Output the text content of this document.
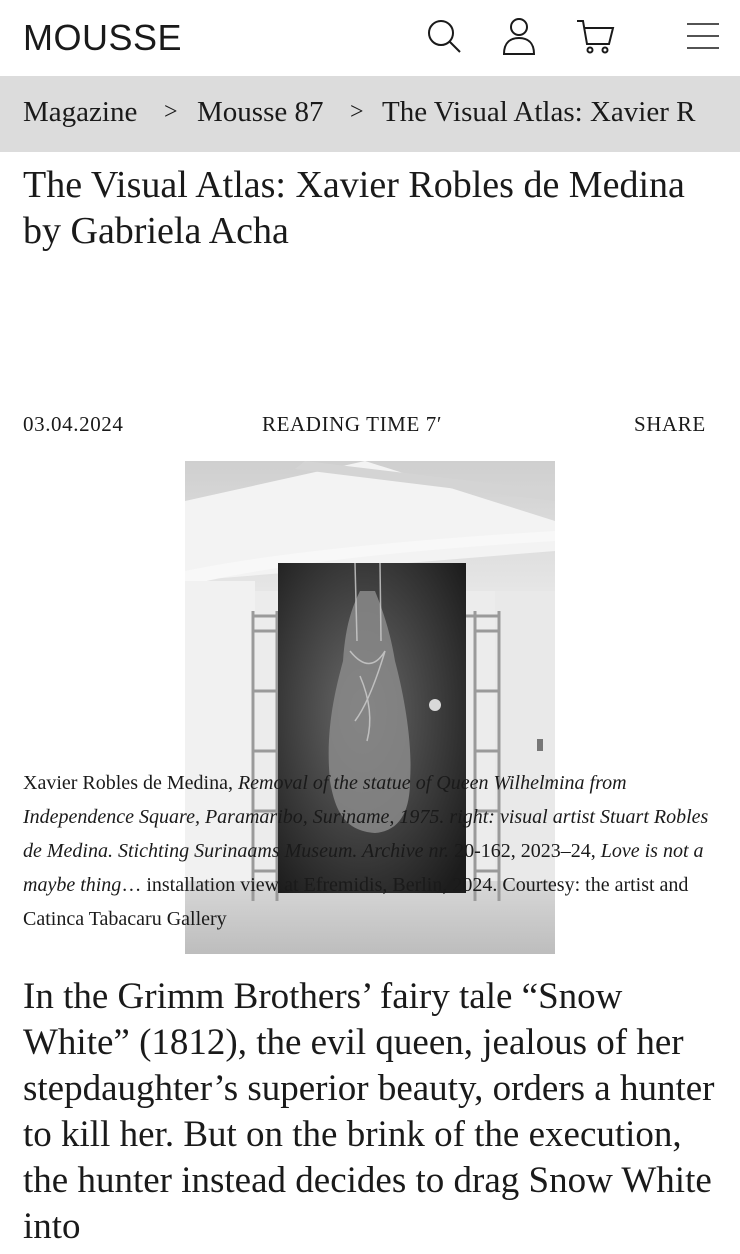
MOUSSE
Magazine > Mousse 87 > The Visual Atlas: Xavier R
The Visual Atlas: Xavier Robles de Medina
by Gabriela Acha
03.04.2024	READING TIME 7′	SHARE
Xavier Robles de Medina, Removal of the statue of Queen Wilhelmina from Independence Square, Paramaribo, Suriname, 1975. right: visual artist Stuart Robles de Medina. Stichting Surinaams Museum. Archive nr. 20-162, 2023–24, Love is not a maybe thing… installation view at Efremidis, Berlin, 2024. Courtesy: the artist and Catinca Tabacaru Gallery

In the Grimm Brothers’ fairy tale “Snow White” (1812), the evil queen, jealous of her stepdaughter’s superior beauty, orders a hunter to kill her. But on the brink of the execution, the hunter instead decides to drag Snow White into
